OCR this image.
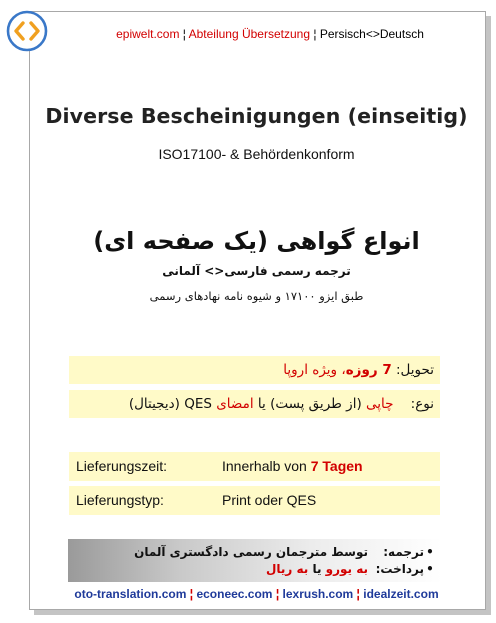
epiwelt.com ¦ Abteilung Übersetzung ¦ Persisch<>Deutsch
Diverse Bescheinigungen (einseitig)
ISO17100- & Behördenkonform
انواع گواهی (یک صفحه ای)
ترجمه رسمی فارسی<> آلمانی
طبق ایزو ۱۷۱۰۰ و شیوه نامه نهادهای رسمی
تحویل: 7 روزه، ویژه اروپا
نوع:    چاپی (از طریق پست) یا امضای QES (دیجیتال)
Lieferungszeit:	Innerhalb von 7 Tagen
Lieferungstyp:	Print oder QES
•ترجمه:توسط مترجمان رسمی دادگستری آلمان
•پرداخت:به یورو یا به ریال
oto-translation.com ¦ econeec.com ¦ lexrush.com ¦ idealzeit.com
